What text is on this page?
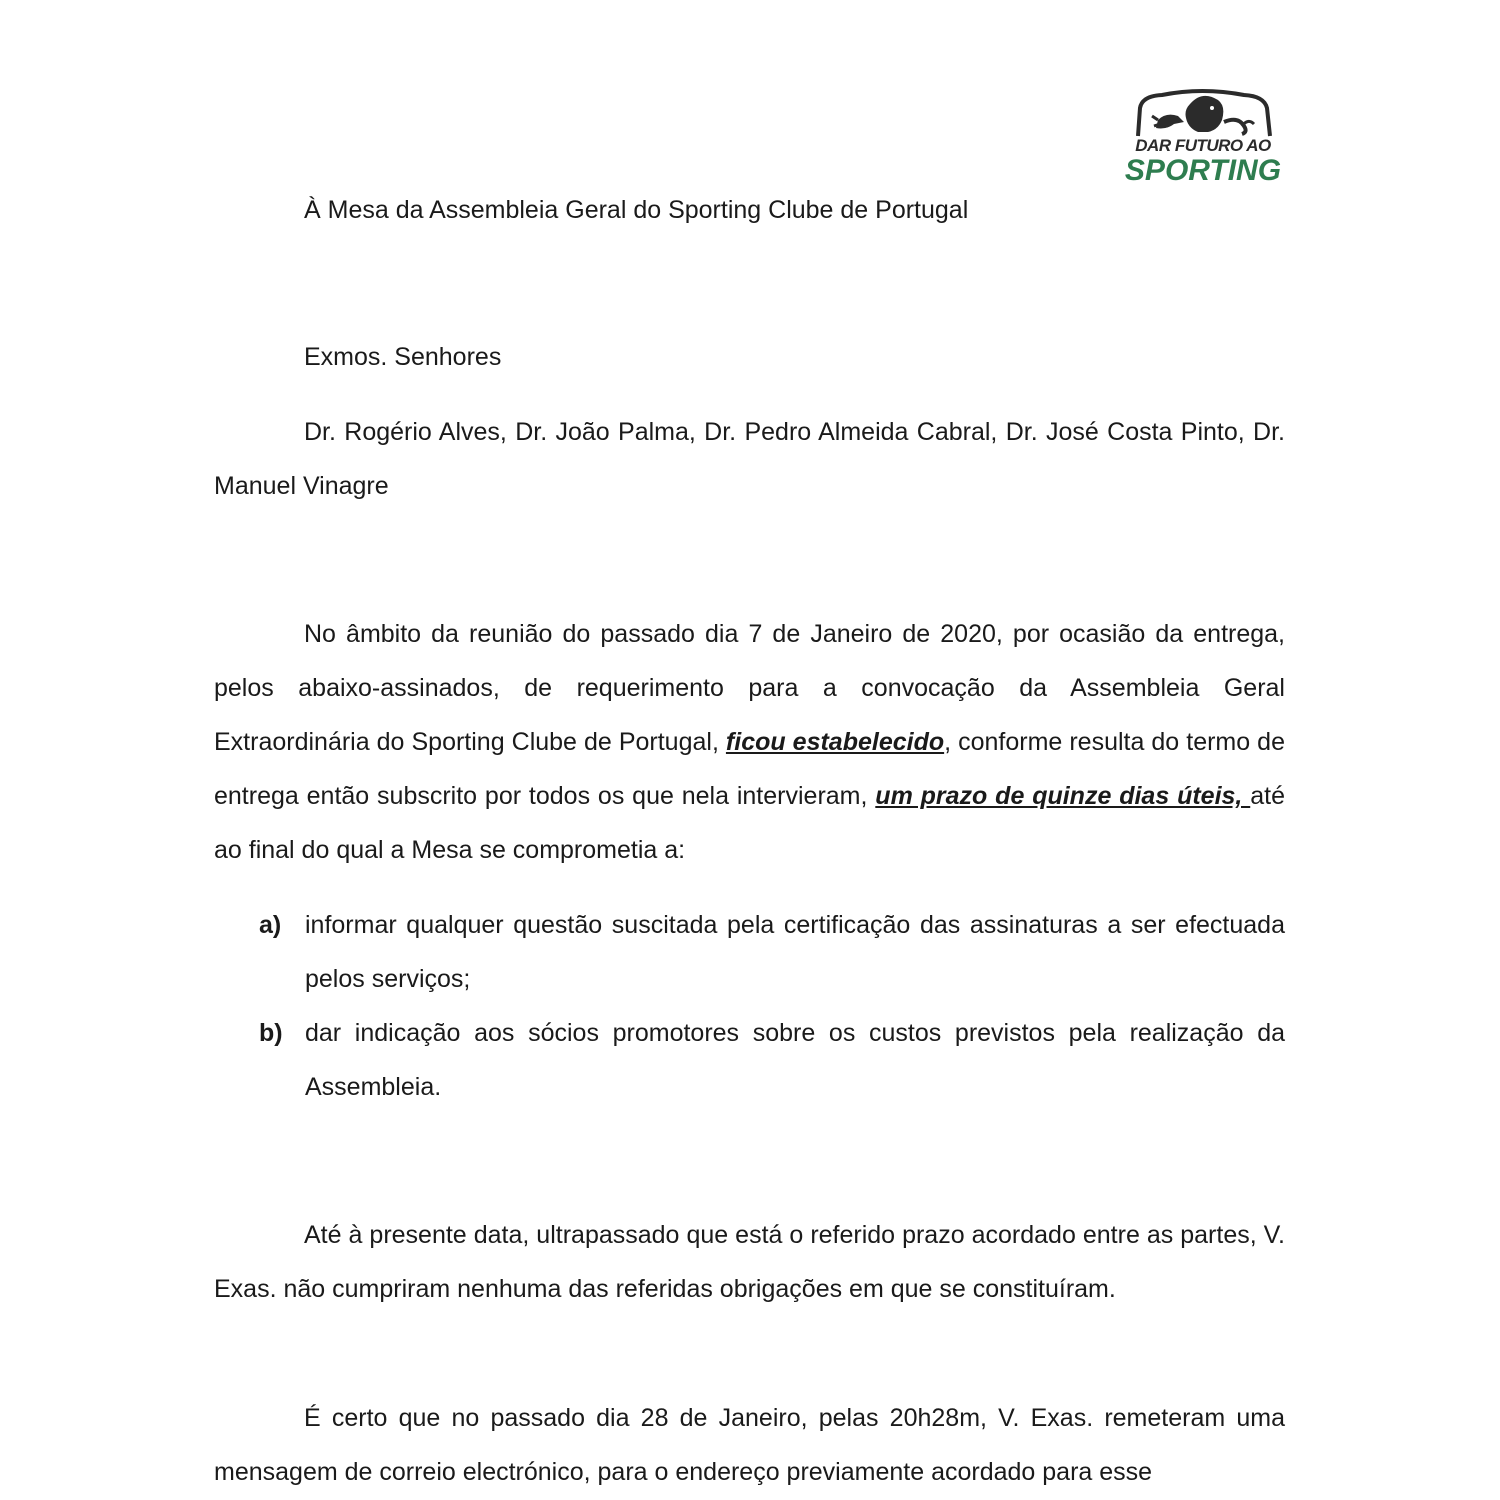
DAR FUTURO AO
SPORTING
À Mesa da Assembleia Geral do Sporting Clube de Portugal
Exmos. Senhores
Dr. Rogério Alves, Dr. João Palma, Dr. Pedro Almeida Cabral, Dr. José Costa Pinto, Dr. Manuel Vinagre
No âmbito da reunião do passado dia 7 de Janeiro de 2020, por ocasião da entrega, pelos abaixo-assinados, de requerimento para a convocação da Assembleia Geral Extraordinária do Sporting Clube de Portugal, ficou estabelecido, conforme resulta do termo de entrega então subscrito por todos os que nela intervieram, um prazo de quinze dias úteis, até ao final do qual a Mesa se comprometia a:
a) informar qualquer questão suscitada pela certificação das assinaturas a ser efectuada pelos serviços;
b) dar indicação aos sócios promotores sobre os custos previstos pela realização da Assembleia.
Até à presente data, ultrapassado que está o referido prazo acordado entre as partes, V. Exas. não cumpriram nenhuma das referidas obrigações em que se constituíram.
É certo que no passado dia 28 de Janeiro, pelas 20h28m, V. Exas. remeteram uma mensagem de correio electrónico, para o endereço previamente acordado para esse
